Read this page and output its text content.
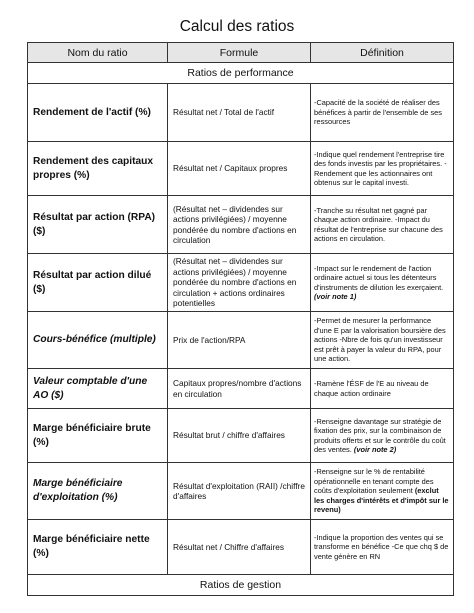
Calcul des ratios
Nom du ratio	Formule	Définition
Ratios de performance		
Rendement de l'actif (%)	Résultat net / Total de l'actif	-Capacité de la société de réaliser des bénéfices à partir de l'ensemble de ses ressources
Rendement des capitaux propres (%)	Résultat net / Capitaux propres	-Indique quel rendement l'entreprise tire des fonds investis par les propriétaires. -Rendement que les actionnaires ont obtenus sur le capital investi.
Résultat par action (RPA) ($)	(Résultat net – dividendes sur actions privilégiées) / moyenne pondérée du nombre d'actions en circulation	-Tranche su résultat net gagné par chaque action ordinaire. -Impact du résultat de l'entreprise sur chacune des actions en circulation.
Résultat par action dilué ($)	(Résultat net – dividendes sur actions privilégiées) / moyenne pondérée du nombre d'actions en circulation + actions ordinaires potentielles	-Impact sur le rendement de l'action ordinaire actuel si tous les détenteurs d'instruments de dilution les exerçaient. (voir note 1)
Cours-bénéfice (multiple)	Prix de l'action/RPA	-Permet de mesurer la performance d'une E par la valorisation boursière des actions -Nbre de fois qu'un investisseur est prêt à payer la valeur du RPA, pour une action.
Valeur comptable d'une AO ($)	Capitaux propres/nombre d'actions en circulation	-Ramène l'ÉSF de l'E au niveau de chaque action ordinaire
Marge bénéficiaire brute (%)	Résultat brut / chiffre d'affaires	-Renseigne davantage sur stratégie de fixation des prix, sur la combinaison de produits offerts et sur le contrôle du coût des ventes. (voir note 2)
Marge bénéficiaire d'exploitation (%)	Résultat d'exploitation (RAII) /chiffre d'affaires	-Renseigne sur le % de rentabilité opérationnelle en tenant compte des coûts d'exploitation seulement (exclut les charges d'intérêts et d'impôt sur le revenu)
Marge bénéficiaire nette (%)	Résultat net / Chiffre d'affaires	-Indique la proportion des ventes qui se transforme en bénéfice -Ce que chq $ de vente génère en RN
Ratios de gestion		
